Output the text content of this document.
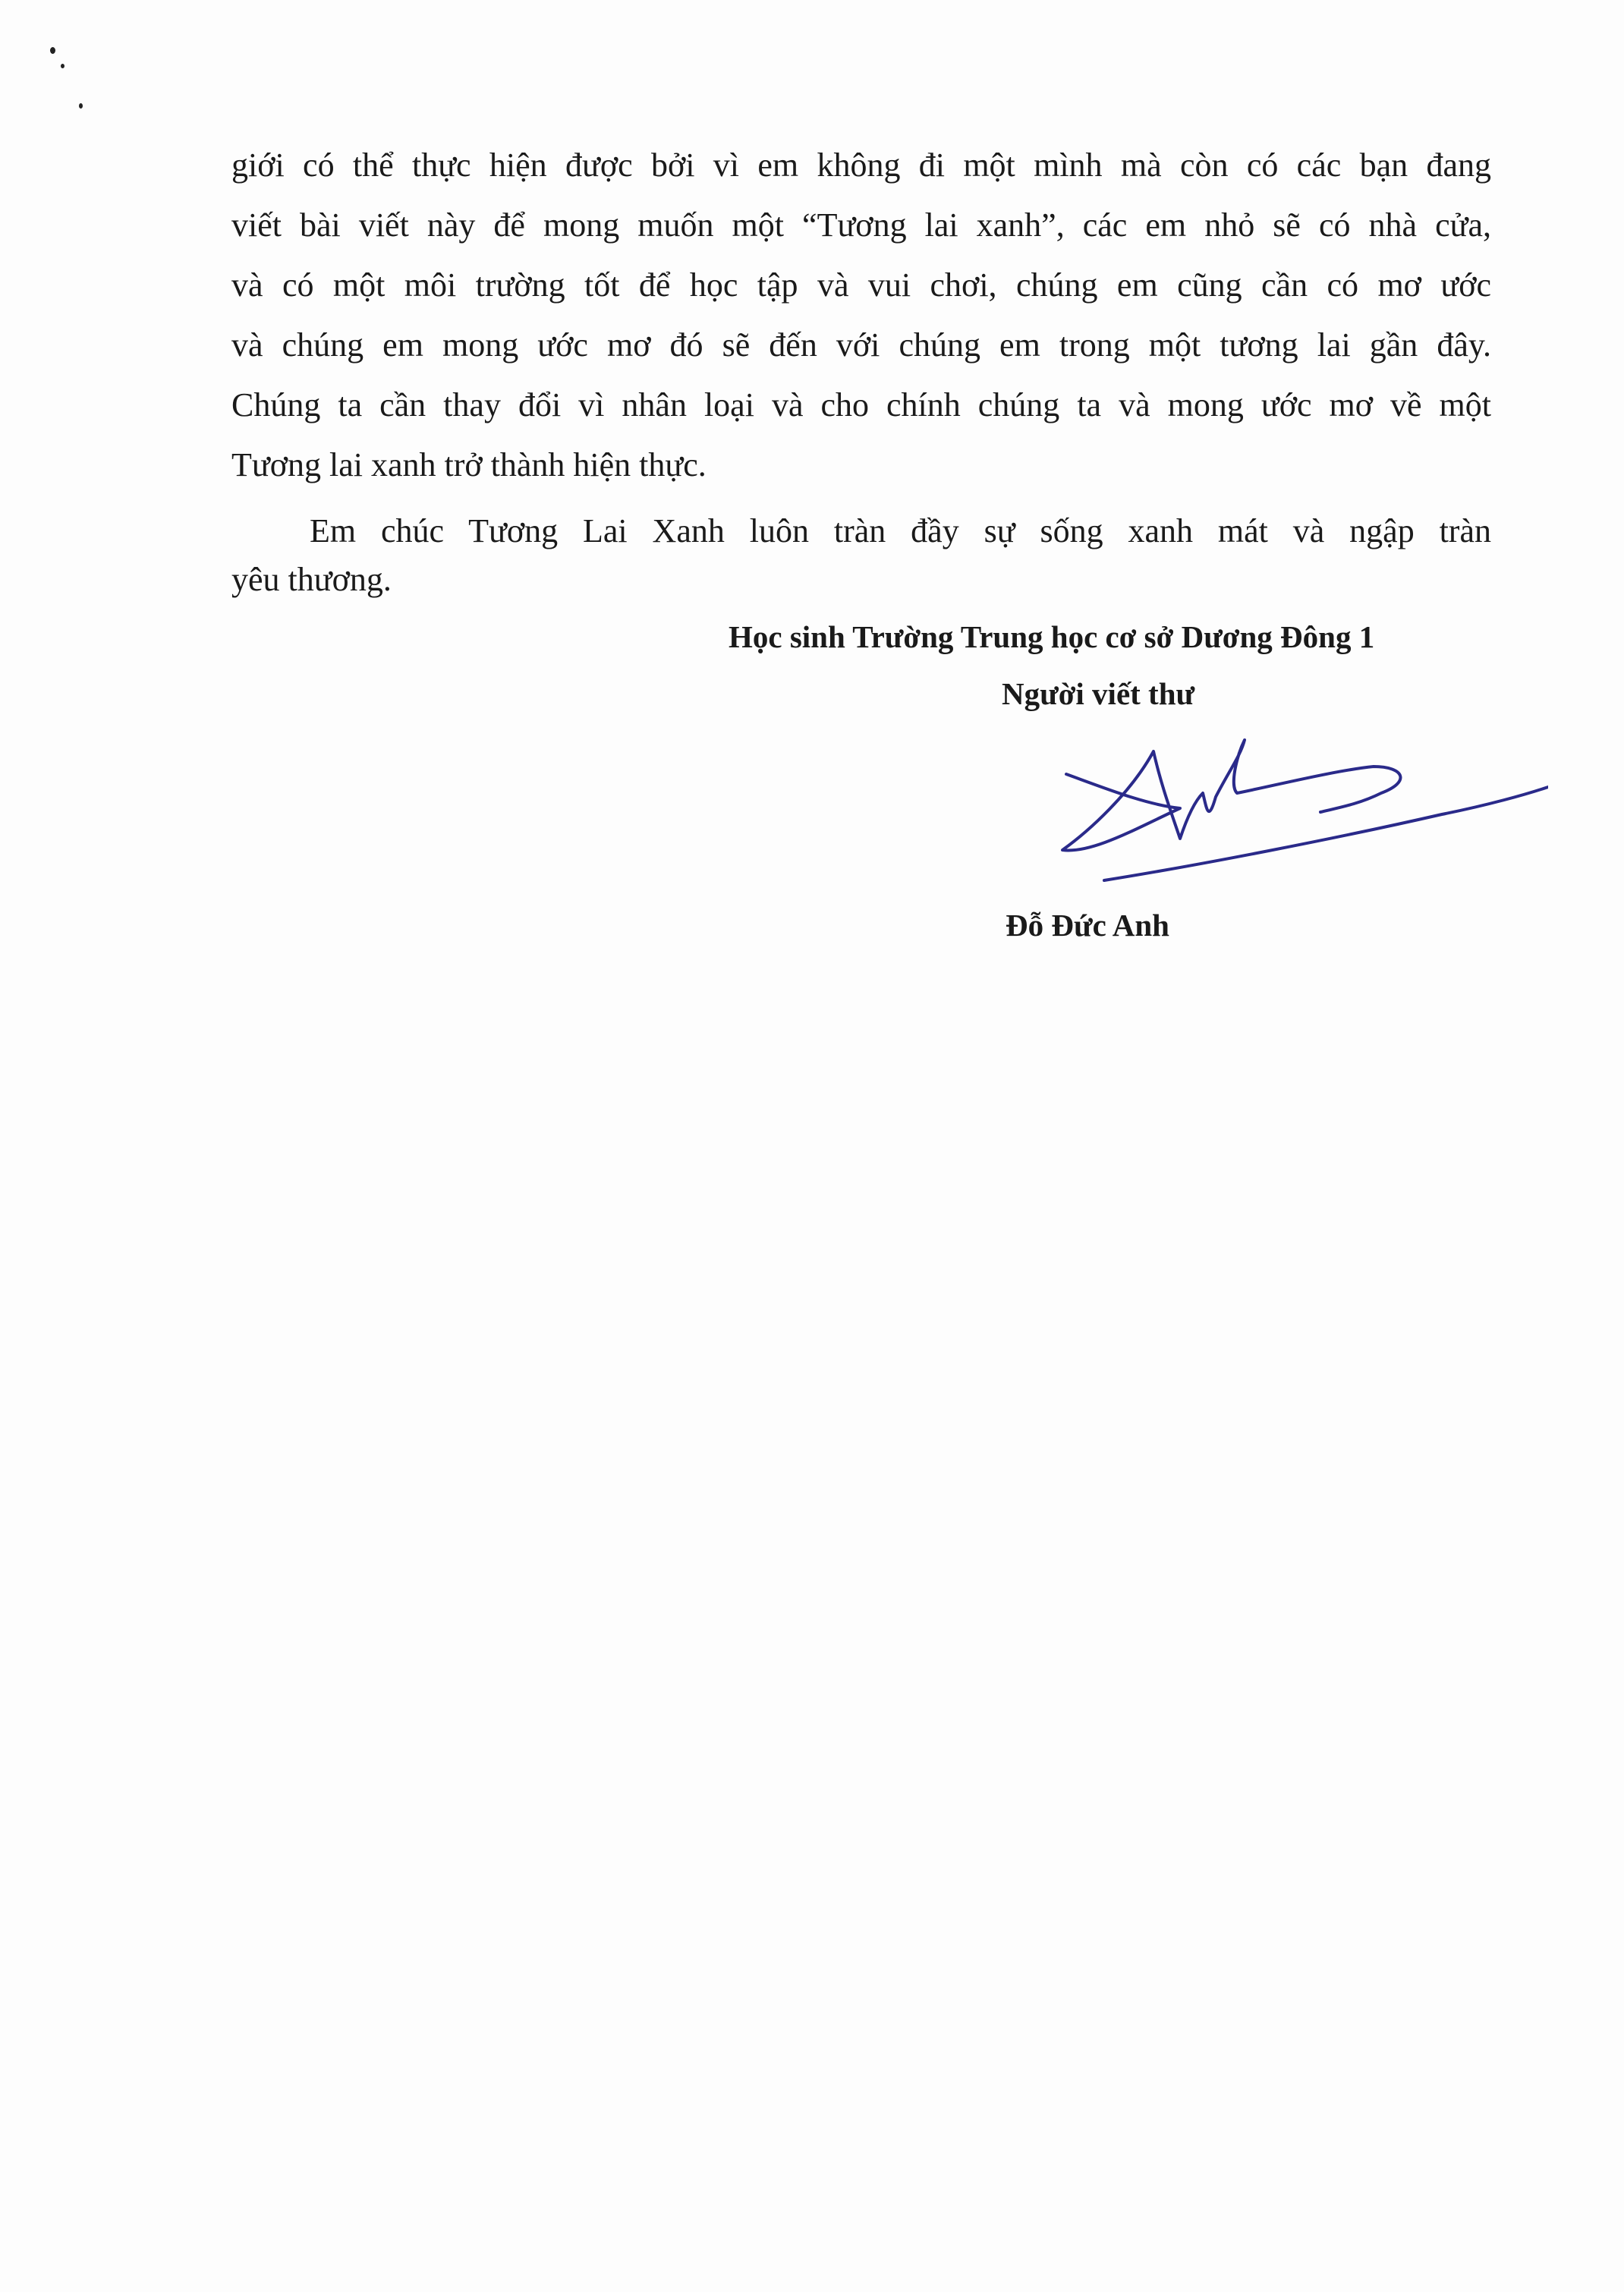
giới có thể thực hiện được bởi vì em không đi một mình mà còn có các bạn đang
viết bài viết này để mong muốn một “Tương lai xanh”, các em nhỏ sẽ có nhà cửa,
và có một môi trường tốt để học tập và vui chơi, chúng em cũng cần có mơ ước
và chúng em mong ước mơ đó sẽ đến với chúng em trong một tương lai gần đây.
Chúng ta cần thay đổi vì nhân loại và cho chính chúng ta và mong ước mơ về một
Tương lai xanh trở thành hiện thực.
Em chúc Tương Lai Xanh luôn tràn đầy sự sống xanh mát và ngập tràn
yêu thương.
Học sinh Trường Trung học cơ sở Dương Đông 1
Người viết thư
Đỗ Đức Anh
